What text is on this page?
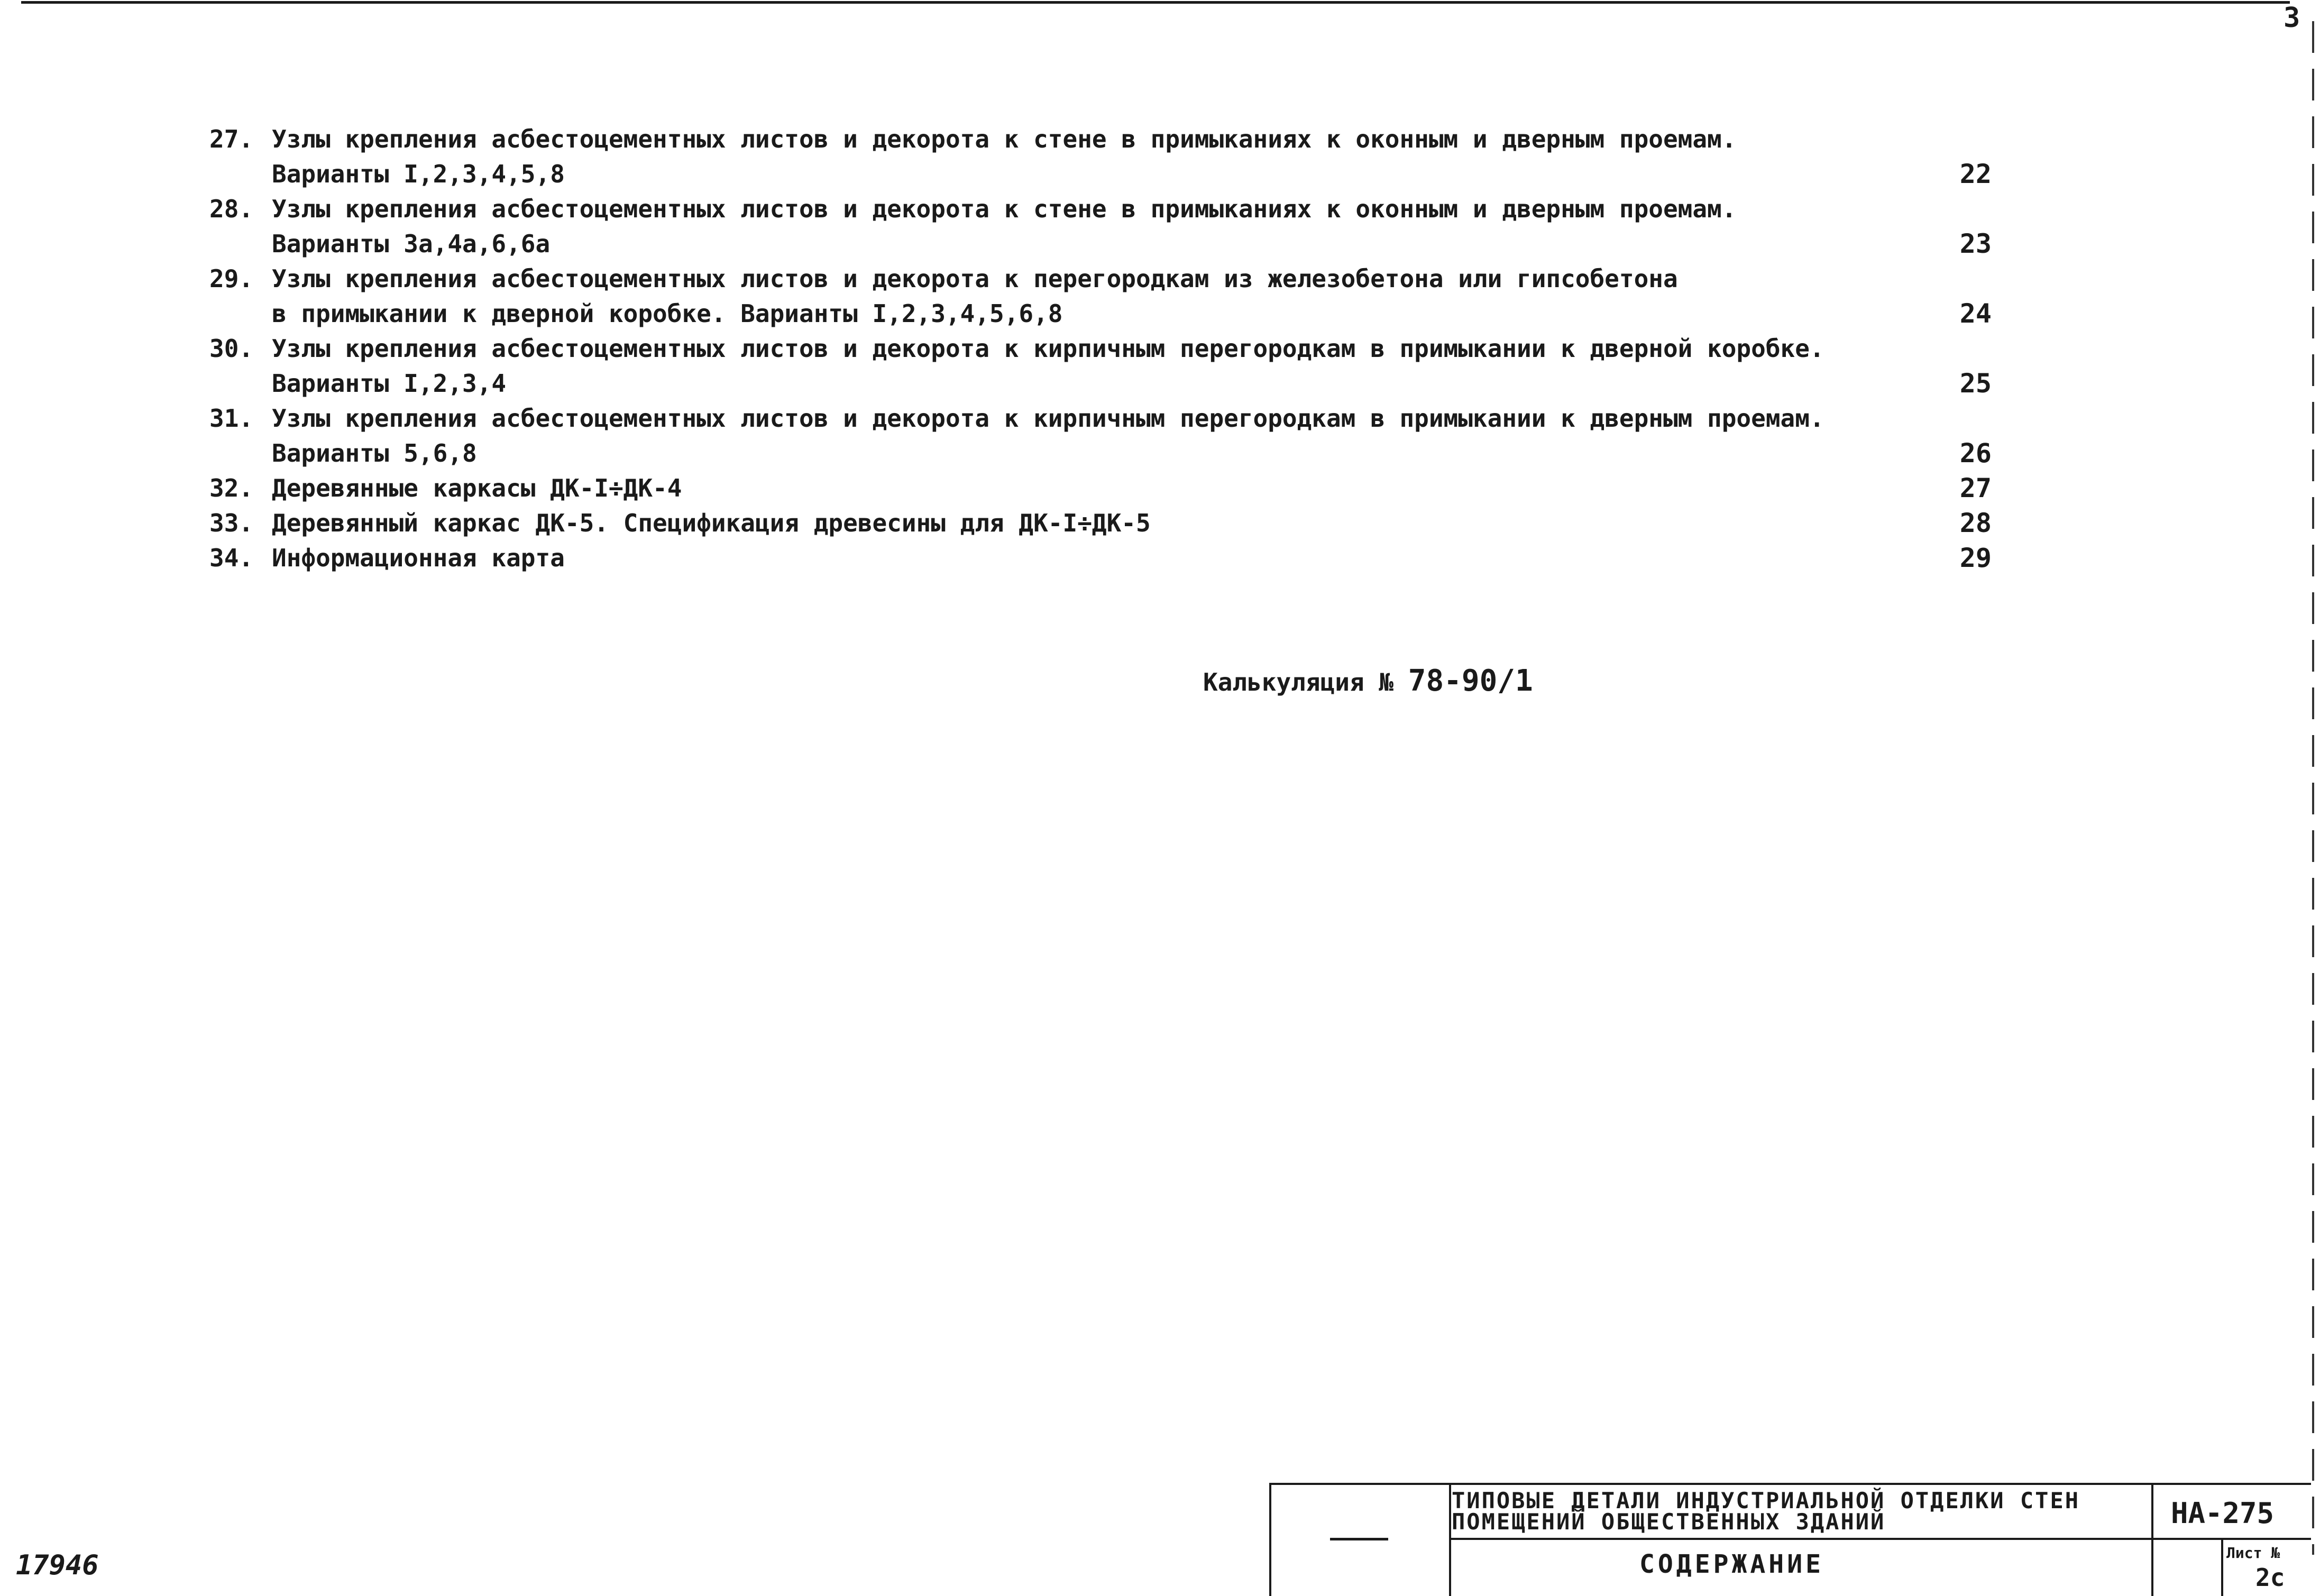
3
27. Узлы крепления асбестоцементных листов и декорота к стене в примыканиях к оконным и дверным проемам.
Варианты I,2,3,4,5,8	22
28. Узлы крепления асбестоцементных листов и декорота к стене в примыканиях к оконным и дверным проемам.
Варианты 3а,4а,6,6а	23
29. Узлы крепления асбестоцементных листов и декорота к перегородкам из железобетона или гипсобетона
в примыкании к дверной коробке. Варианты I,2,3,4,5,6,8	24
30. Узлы крепления асбестоцементных листов и декорота к кирпичным перегородкам в примыкании к дверной коробке.
Варианты I,2,3,4	25
31. Узлы крепления асбестоцементных листов и декорота к кирпичным перегородкам в примыкании к дверным проемам.
Варианты 5,6,8	26
32. Деревянные каркасы ДК-I÷ДК-4	27
33. Деревянный каркас ДК-5. Спецификация древесины для ДК-I÷ДК-5	28
34. Информационная карта	29
Калькуляция № 78-90/1
17946
ТИПОВЫЕ ДЕТАЛИ ИНДУСТРИАЛЬНОЙ ОТДЕЛКИ СТЕН
ПОМЕЩЕНИЙ ОБЩЕСТВЕННЫХ ЗДАНИЙ
СОДЕРЖАНИЕ
НА-275
Лист №
2с
